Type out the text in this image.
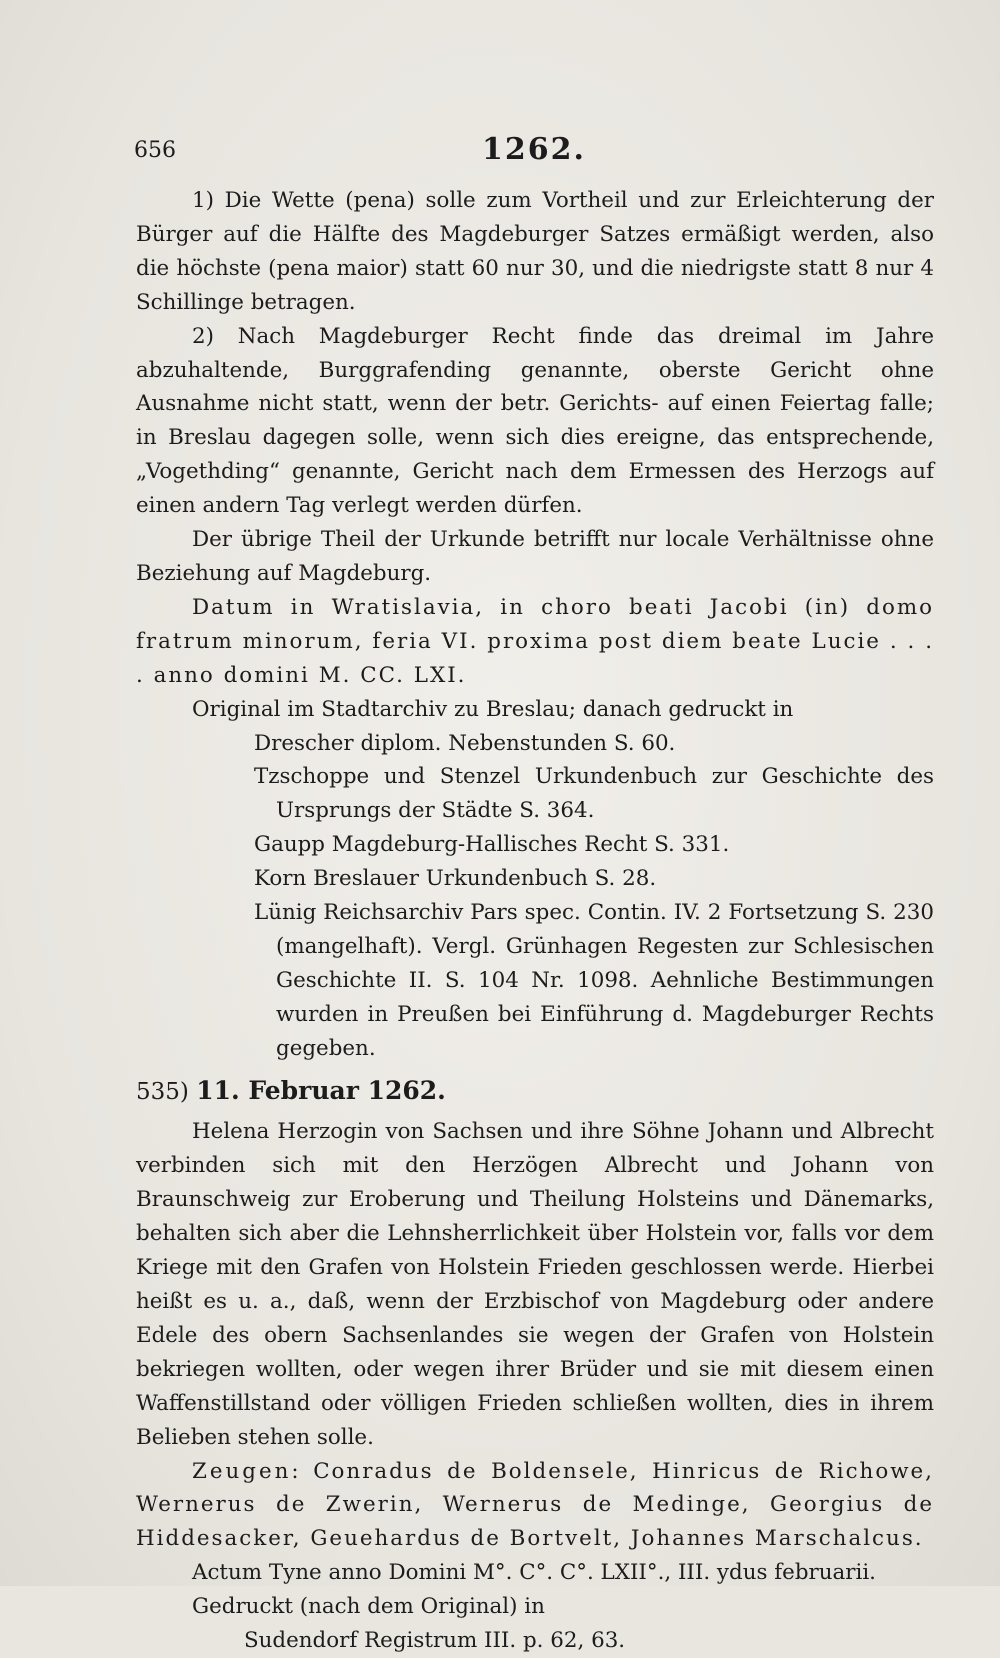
656	1262.

1) Die Wette (pena) solle zum Vortheil und zur Erleichterung der Bürger auf die Hälfte des Magdeburger Satzes ermäßigt werden, also die höchste (pena maior) statt 60 nur 30, und die niedrigste statt 8 nur 4 Schillinge betragen.

2) Nach Magdeburger Recht finde das dreimal im Jahre abzuhaltende, Burggrafending genannte, oberste Gericht ohne Ausnahme nicht statt, wenn der betr. Gerichts- auf einen Feiertag falle; in Breslau dagegen solle, wenn sich dies ereigne, das entsprechende, „Vogethding“ genannte, Gericht nach dem Ermessen des Herzogs auf einen andern Tag verlegt werden dürfen.

Der übrige Theil der Urkunde betrifft nur locale Verhältnisse ohne Beziehung auf Magdeburg.

Datum in Wratislavia, in choro beati Jacobi (in) domo fratrum minorum, feria VI. proxima post diem beate Lucie . . . . anno domini M. CC. LXI.

Original im Stadtarchiv zu Breslau; danach gedruckt in

Drescher diplom. Nebenstunden S. 60.

Tzschoppe und Stenzel Urkundenbuch zur Geschichte des Ursprungs der Städte S. 364.

Gaupp Magdeburg-Hallisches Recht S. 331.

Korn Breslauer Urkundenbuch S. 28.

Lünig Reichsarchiv Pars spec. Contin. IV. 2 Fortsetzung S. 230 (mangelhaft). Vergl. Grünhagen Regesten zur Schlesischen Geschichte II. S. 104 Nr. 1098. Aehnliche Bestimmungen wurden in Preußen bei Einführung d. Magdeburger Rechts gegeben.

535) 11. Februar 1262.

Helena Herzogin von Sachsen und ihre Söhne Johann und Albrecht verbinden sich mit den Herzögen Albrecht und Johann von Braunschweig zur Eroberung und Theilung Holsteins und Dänemarks, behalten sich aber die Lehnsherrlichkeit über Holstein vor, falls vor dem Kriege mit den Grafen von Holstein Frieden geschlossen werde. Hierbei heißt es u. a., daß, wenn der Erzbischof von Magdeburg oder andere Edele des obern Sachsenlandes sie wegen der Grafen von Holstein bekriegen wollten, oder wegen ihrer Brüder und sie mit diesem einen Waffenstillstand oder völligen Frieden schließen wollten, dies in ihrem Belieben stehen solle.

Zeugen: Conradus de Boldensele, Hinricus de Richowe, Wernerus de Zwerin, Wernerus de Medinge, Georgius de Hiddesacker, Geuehardus de Bortvelt, Johannes Marschalcus.

Actum Tyne anno Domini M°. C°. C°. LXII°., III. ydus februarii.

Gedruckt (nach dem Original) in

Sudendorf Registrum III. p. 62, 63.
